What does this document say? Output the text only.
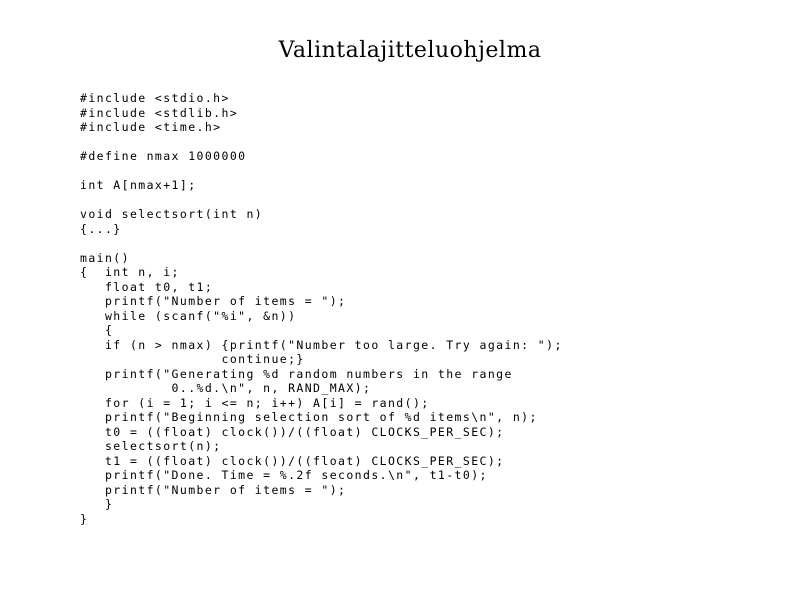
Valintalajitteluohjelma
#include <stdio.h>
#include <stdlib.h>
#include <time.h>
#define nmax 1000000
int A[nmax+1];
void selectsort(int n)
{...}
main()
{  int n, i;
float t0, t1;
printf("Number of items = ");
while (scanf("%i", &n))
{
if (n > nmax) {printf("Number too large. Try again: ");
continue;}
printf("Generating %d random numbers in the range
0..%d.\n", n, RAND_MAX);
for (i = 1; i <= n; i++) A[i] = rand();
printf("Beginning selection sort of %d items\n", n);
t0 = ((float) clock())/((float) CLOCKS_PER_SEC);
selectsort(n);
t1 = ((float) clock())/((float) CLOCKS_PER_SEC);
printf("Done. Time = %.2f seconds.\n", t1-t0);
printf("Number of items = ");
}
}
